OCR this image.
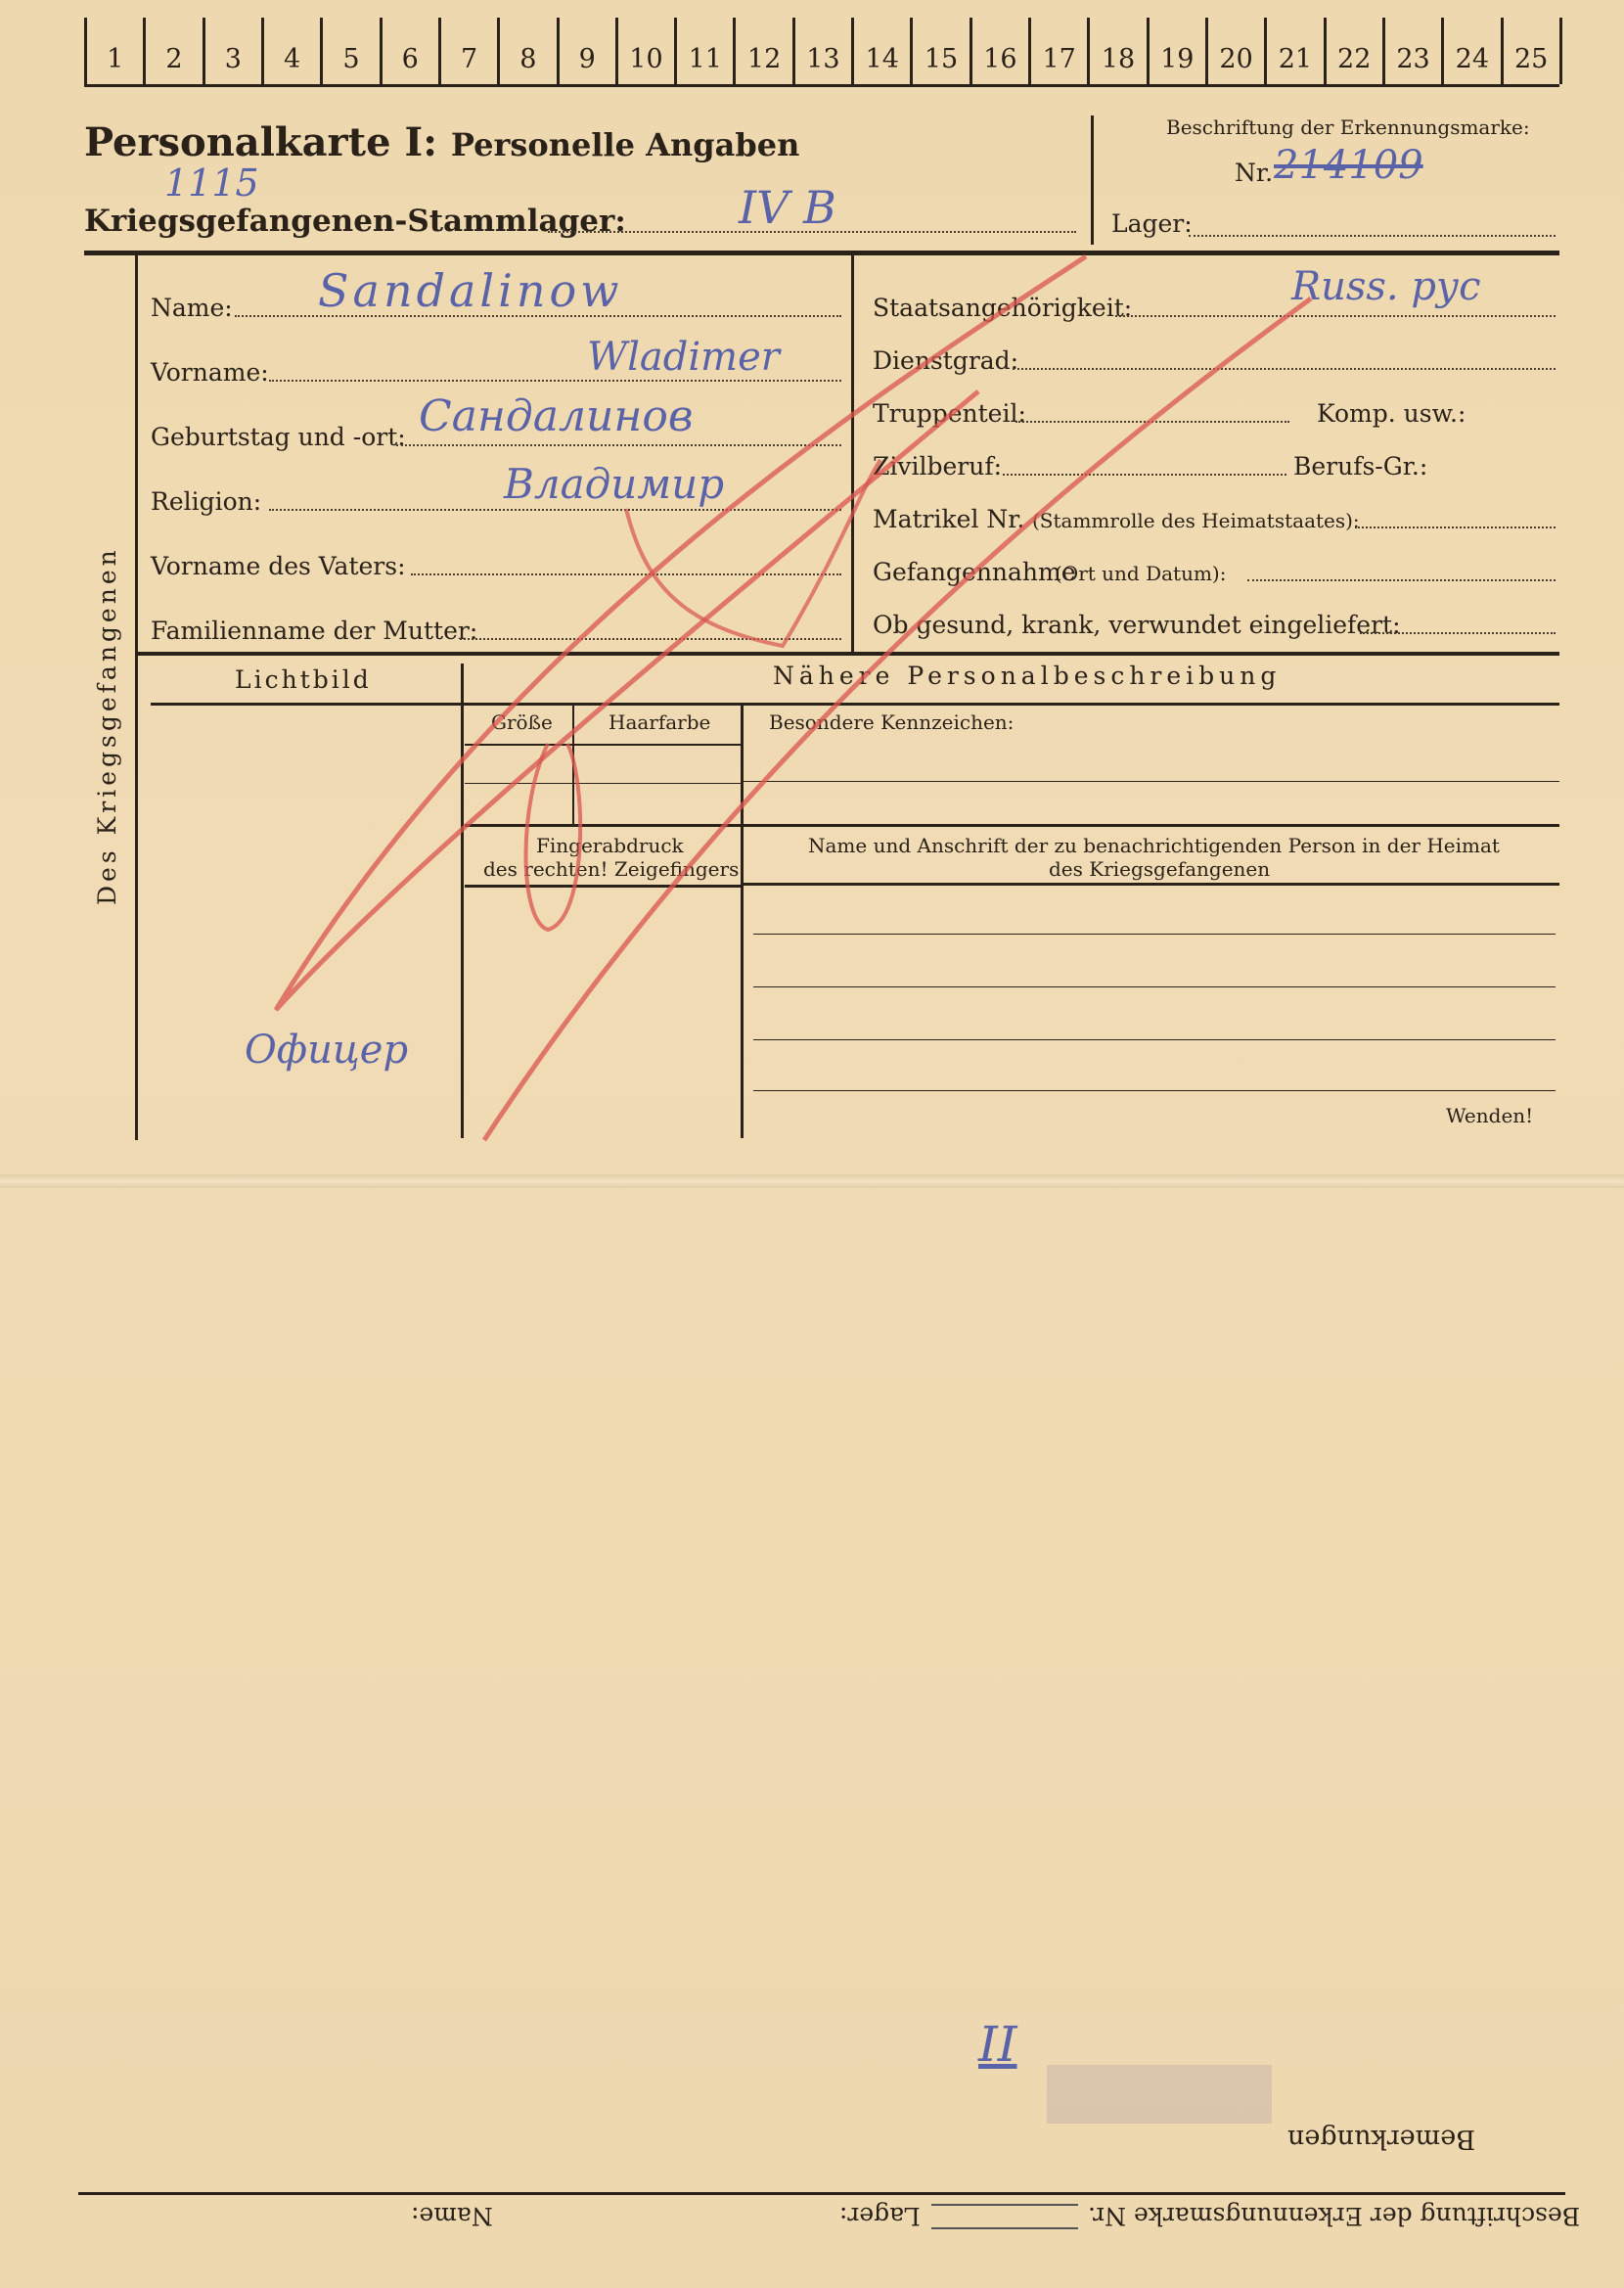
1	2	3	4	5	6	7	8	9	10 11 12 13 14 15 16 17 18 19 20 21 22 23 24 25
Personalkarte I: Personelle Angaben
Kriegsgefangenen-Stammlager:	IV B
1115
Beschriftung der Erkennungsmarke:
Nr. 214109
Lager:
Des Kriegsgefangenen
Name: Sandalinow
Vorname:	Wladimer
Geburtstag und -ort: Сандалинов
Religion:	Владимир
Vorname des Vaters:
Familienname der Mutter:
Staatsangehörigkeit:	Russ. рус
Dienstgrad:
Truppenteil:	Komp. usw.:
Zivilberuf:	Berufs-Gr.:
Matrikel Nr. (Stammrolle des Heimatstaates):
Gefangennahme
(Ort und Datum):
Ob gesund, krank, verwundet eingeliefert:
Lichtbild	Nähere Personalbeschreibung
Größe	Haarfarbe	Besondere Kennzeichen:
Fingerabdruck
des rechten! Zeigefingers
Name und Anschrift der zu benachrichtigenden Person in der Heimat
des Kriegsgefangenen
Офицер
Wenden!
II
Bemerkungen
Beschriftung der Erkennungsmarke Nr.
Lager:
Name:
